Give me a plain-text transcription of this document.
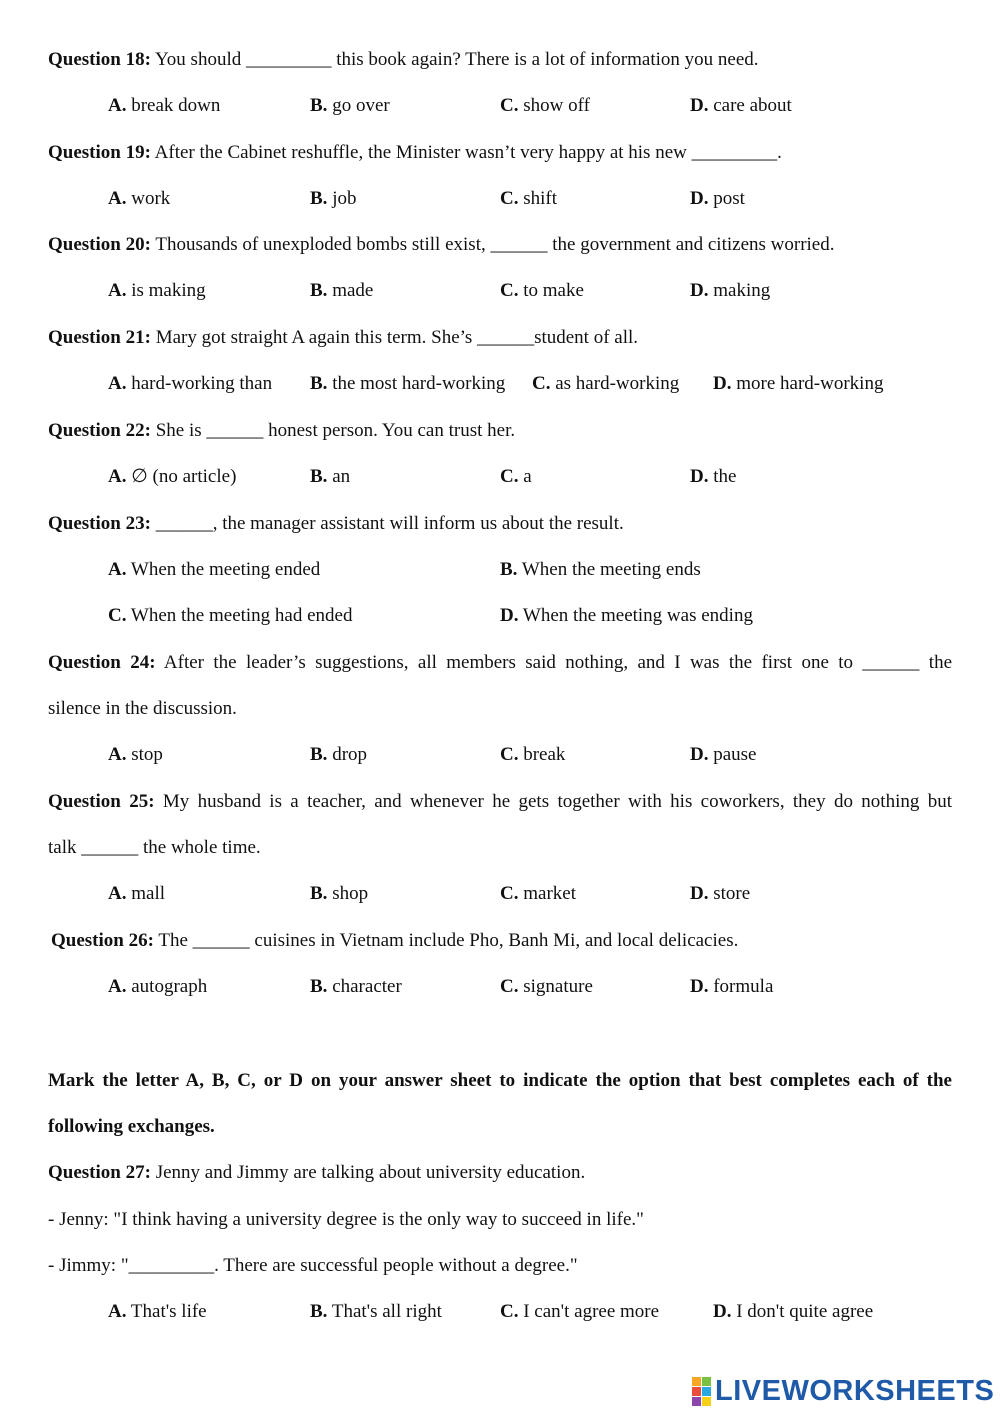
Question 18: You should _________ this book again? There is a lot of information you need.
A. break down	B. go over	C. show off	D. care about
Question 19: After the Cabinet reshuffle, the Minister wasn’t very happy at his new _________.
A. work	B. job	C. shift	D. post
Question 20: Thousands of unexploded bombs still exist, ______ the government and citizens worried.
A. is making	B. made	C. to make	D. making
Question 21: Mary got straight A again this term. She’s ______student of all.
A. hard-working than B. the most hard-working C. as hard-working D. more hard-working
Question 22: She is ______ honest person. You can trust her.
A. ∅ (no article)	B. an	C. a	D. the
Question 23: ______, the manager assistant will inform us about the result.
A. When the meeting ended	B. When the meeting ends
C. When the meeting had ended	D. When the meeting was ending
Question 24: After the leader’s suggestions, all members said nothing, and I was the first one to ______ the
silence in the discussion.
A. stop	B. drop	C. break	D. pause
Question 25: My husband is a teacher, and whenever he gets together with his coworkers, they do nothing but
talk ______ the whole time.
A. mall	B. shop	C. market	D. store
Question 26: The ______ cuisines in Vietnam include Pho, Banh Mi, and local delicacies.
A. autograph	B. character	C. signature	D. formula
Mark the letter A, B, C, or D on your answer sheet to indicate the option that best completes each of the
following exchanges.
Question 27: Jenny and Jimmy are talking about university education.
- Jenny: "I think having a university degree is the only way to succeed in life."
- Jimmy: "_________. There are successful people without a degree."
A. That's life	B. That's all right	C. I can't agree more	D. I don't quite agree
LIVEWORKSHEETS
